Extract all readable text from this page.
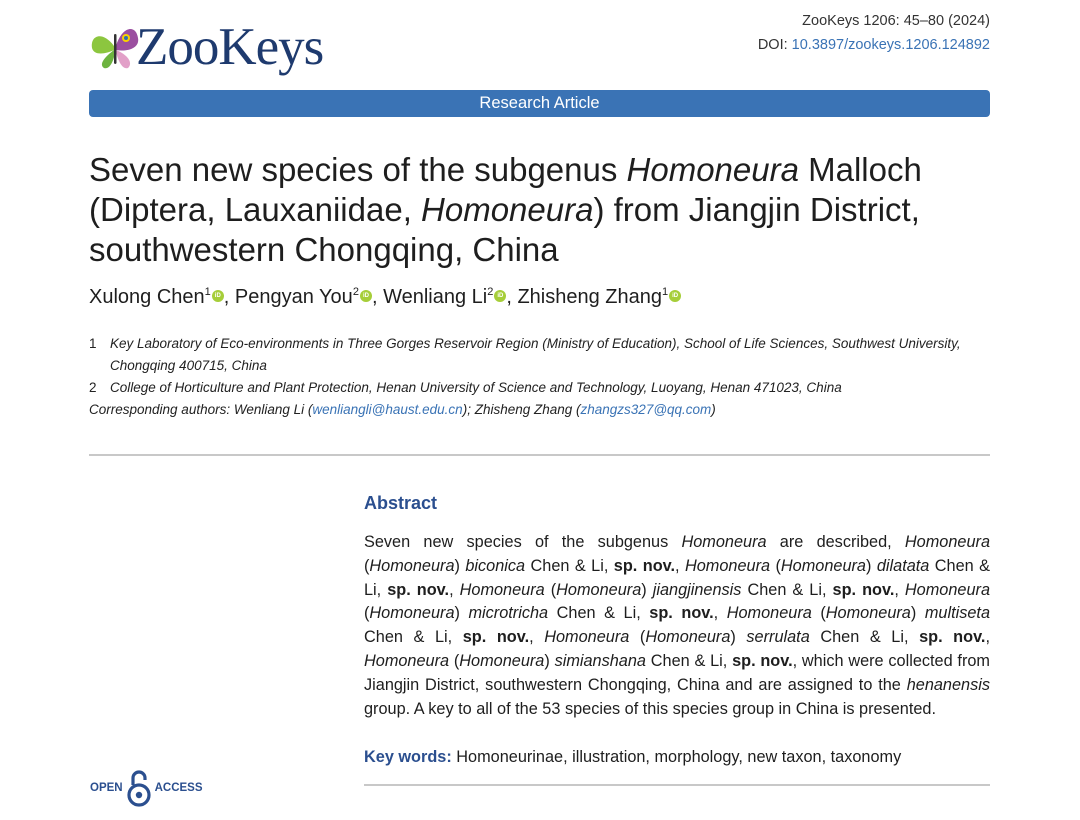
ZooKeys	ZooKeys 1206: 45–80 (2024)
DOI: 10.3897/zookeys.1206.124892
Research Article
Seven new species of the subgenus Homoneura Malloch (Diptera, Lauxaniidae, Homoneura) from Jiangjin District, southwestern Chongqing, China
Xulong Chen$^1$ iD , Pengyan You$^2$ iD , Wenliang Li$^2$ iD , Zhisheng Zhang$^1$ iD
1 Key Laboratory of Eco-environments in Three Gorges Reservoir Region (Ministry of Education), School of Life Sciences, Southwest University, Chongqing 400715, China
2 College of Horticulture and Plant Protection, Henan University of Science and Technology, Luoyang, Henan 471023, China
Corresponding authors: Wenliang Li (wenliangli@haust.edu.cn); Zhisheng Zhang (zhangzs327@qq.com)
Abstract

Seven new species of the subgenus Homoneura are described, Homoneura (Homoneura) biconica Chen & Li, sp. nov., Homoneura (Homoneura) dilatata Chen & Li, sp. nov., Homoneura (Homoneura) jiangjinensis Chen & Li, sp. nov., Homoneura (Homoneura) microtricha Chen & Li, sp. nov., Homoneura (Homoneura) multiseta Chen & Li, sp. nov., Homoneura (Homoneura) serrulata Chen & Li, sp. nov., Homoneura (Homoneura) simianshana Chen & Li, sp. nov., which were collected from Jiangjin District, southwestern Chongqing, China and are assigned to the henanensis group. A key to all of the 53 species of this species group in China is presented.

Key words: Homoneurinae, illustration, morphology, new taxon, taxonomy
OPEN	ACCESS
